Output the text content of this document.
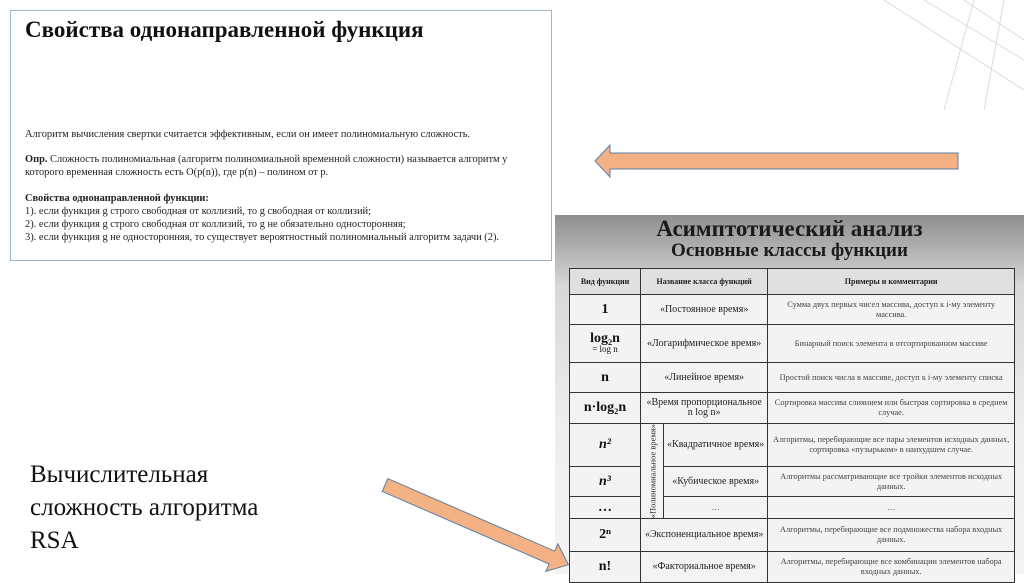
Свойства однонаправленной функция

Алгоритм вычисления свертки считается эффективным, если он имеет полиномиальную сложность.

Опр. Сложность полиномиальная (алгоритм полиномиальной временной сложности) называется алгоритм у которого временная сложность есть O(p(n)), где p(n) – полином от p.

Свойства однонаправленной функции:
1). если функция g строго свободная от коллизий, то g свободная от коллизий;
2). если функция g строго свободная от коллизий, то g не обязательно односторонняя;
3). если функция g не односторонняя, то существует вероятностный полиномиальный алгоритм задачи (2).
Вычислительная
сложность алгоритма
RSA
Асимптотический анализ
Основные классы функции
Вид функции	Название класса функций		Примеры и комментарии
1	«Постоянное время»		Сумма двух первых чисел массива, доступ к i-му элементу массива.

log₂n
= log n	«Логарифмическое время»		Бинарный поиск элемента в отсортированном массиве
n	«Линейное время»		Простой поиск числа в массиве, доступ к i-му элементу списка
n·log₂n	«Время пропорциональное n log n»		Сортировка массива слиянием или быстрая сортировка в среднем случае.
n²	«Полиномиальное время»	«Квадратичное время»	Алгоритмы, перебирающие все пары элементов исходных данных, сортировка «пузырьком» в наихудшем случае.
n³		«Кубическое время»	Алгоритмы рассматривающие все тройки элементов исходных данных.
…		…	…
2ⁿ	«Экспоненциальное время»		Алгоритмы, перебирающие все подмножества набора входных данных.
n!	«Факториальное время»		Алгоритмы, перебирающие все комбинации элементов набора входных данных.
